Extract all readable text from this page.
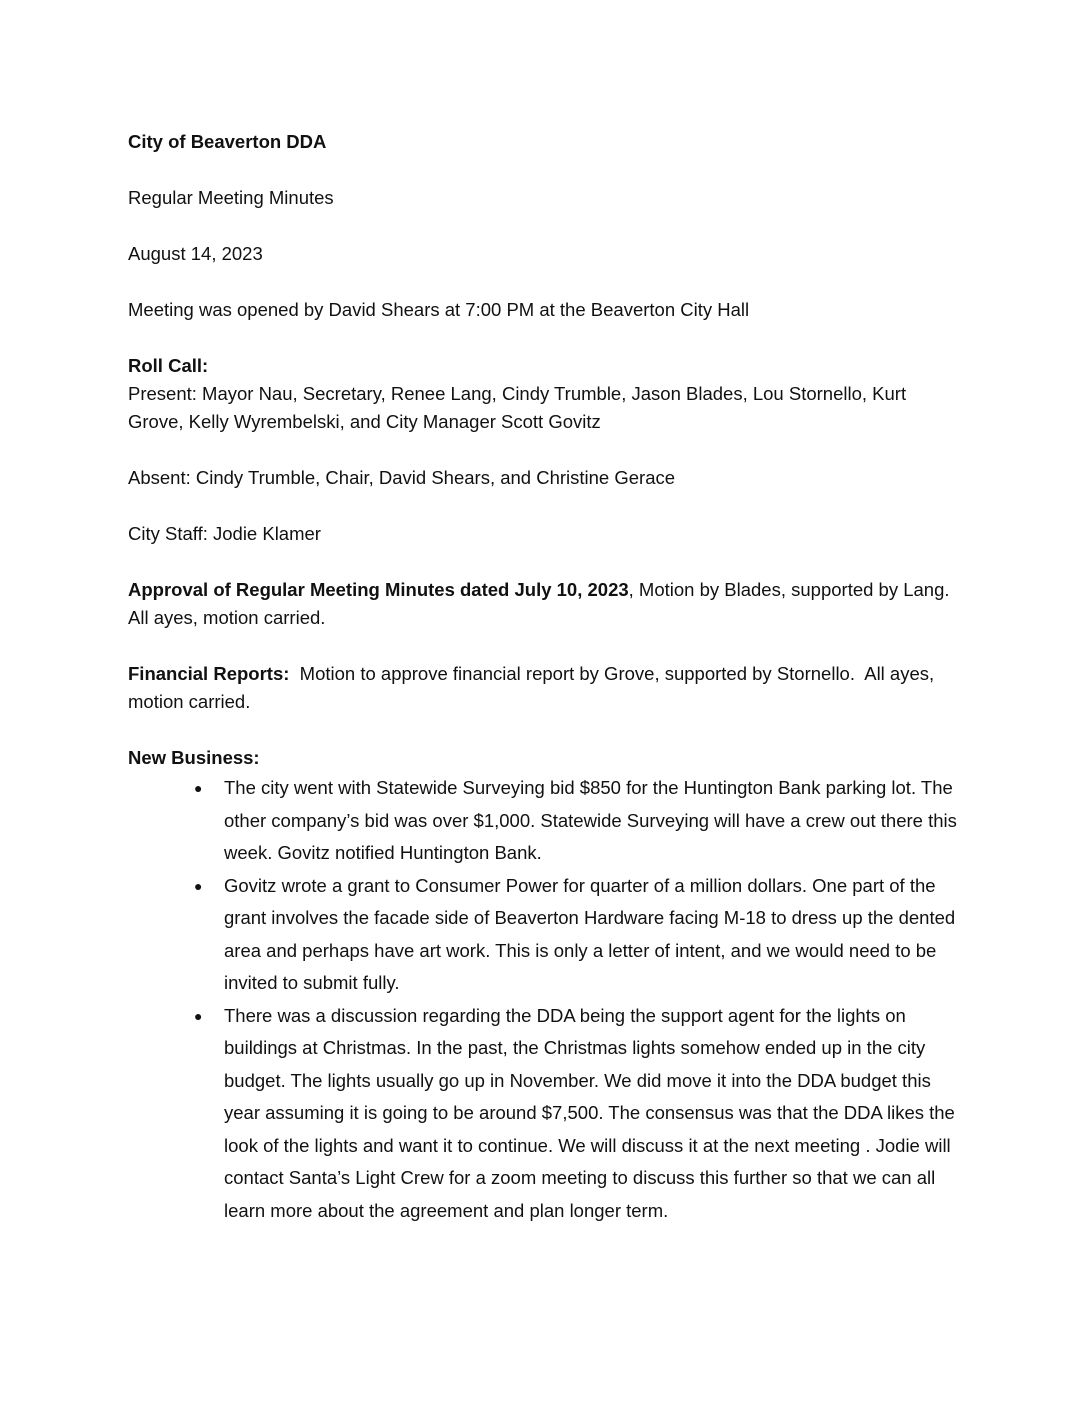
City of Beaverton DDA

Regular Meeting Minutes

August 14, 2023

Meeting was opened by David Shears at 7:00 PM at the Beaverton City Hall

Roll Call:
Present: Mayor Nau, Secretary, Renee Lang, Cindy Trumble, Jason Blades, Lou Stornello, Kurt Grove, Kelly Wyrembelski, and City Manager Scott Govitz

Absent: Cindy Trumble, Chair, David Shears, and Christine Gerace

City Staff: Jodie Klamer

Approval of Regular Meeting Minutes dated July 10, 2023, Motion by Blades, supported by Lang. All ayes, motion carried.

Financial Reports:  Motion to approve financial report by Grove, supported by Stornello.  All ayes, motion carried.

New Business:
● The city went with Statewide Surveying bid $850 for the Huntington Bank parking lot. The other company’s bid was over $1,000. Statewide Surveying will have a crew out there this week. Govitz notified Huntington Bank.
● Govitz wrote a grant to Consumer Power for quarter of a million dollars. One part of the grant involves the facade side of Beaverton Hardware facing M-18 to dress up the dented area and perhaps have art work. This is only a letter of intent, and we would need to be invited to submit fully.
● There was a discussion regarding the DDA being the support agent for the lights on buildings at Christmas. In the past, the Christmas lights somehow ended up in the city budget. The lights usually go up in November. We did move it into the DDA budget this year assuming it is going to be around $7,500. The consensus was that the DDA likes the look of the lights and want it to continue. We will discuss it at the next meeting . Jodie will contact Santa’s Light Crew for a zoom meeting to discuss this further so that we can all learn more about the agreement and plan longer term.
